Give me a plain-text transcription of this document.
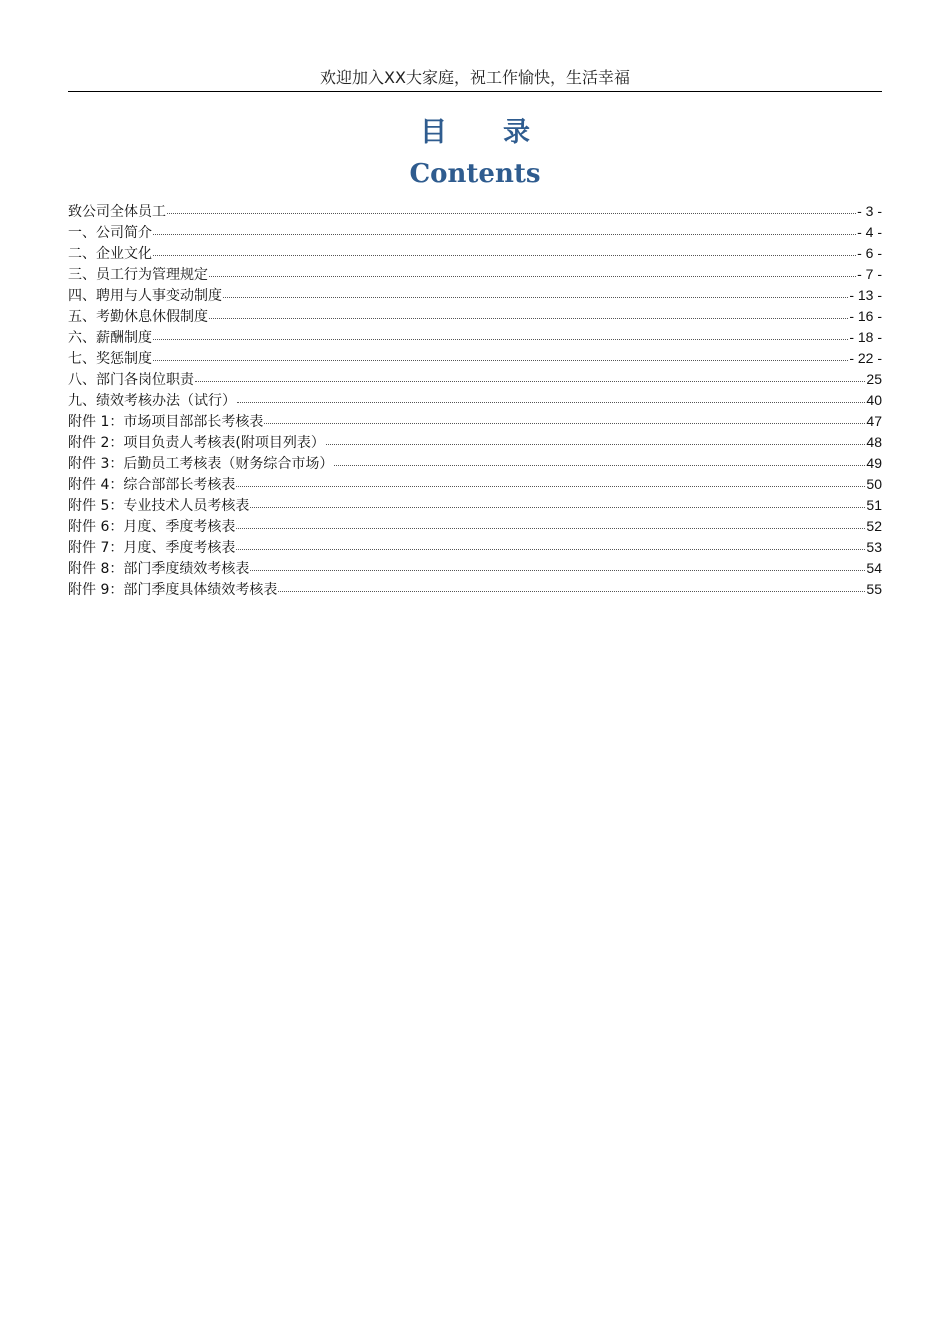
欢迎加入XX大家庭，祝工作愉快，生活幸福
目录
Contents
致公司全体员工	- 3 -
一、公司简介	- 4 -
二、企业文化	- 6 -
三、员工行为管理规定	- 7 -
四、聘用与人事变动制度	- 13 -
五、考勤休息休假制度	- 16 -
六、薪酬制度	- 18 -
七、奖惩制度	- 22 -
八、部门各岗位职责	25
九、绩效考核办法（试行）	40
附件 1：市场项目部部长考核表	47
附件 2：项目负责人考核表(附项目列表）	48
附件 3：后勤员工考核表（财务综合市场）	49
附件 4：综合部部长考核表	50
附件 5：专业技术人员考核表	51
附件 6：月度、季度考核表	52
附件 7：月度、季度考核表	53
附件 8：部门季度绩效考核表	54
附件 9：部门季度具体绩效考核表	55
